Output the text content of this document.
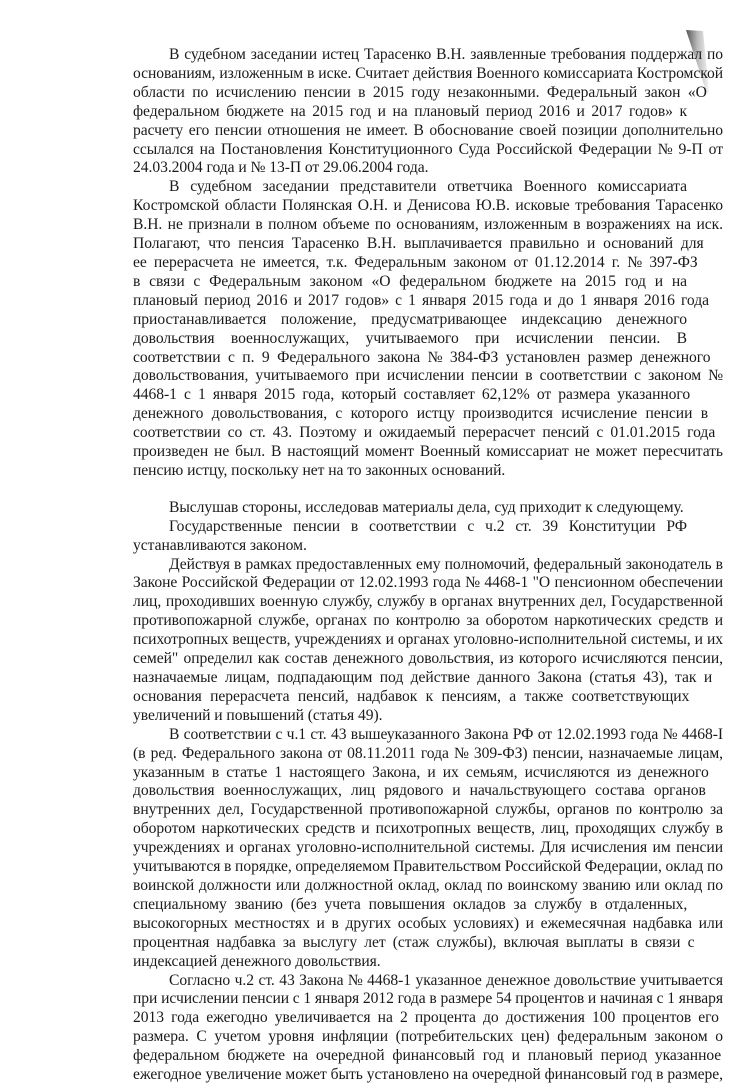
В судебном заседании истец Тарасенко В.Н. заявленные требования поддержал по
основаниям, изложенным в иске. Считает действия Военного комиссариата Костромской
области по исчислению пенсии в 2015 году незаконными. Федеральный закон «О
федеральном бюджете на 2015 год и на плановый период 2016 и 2017 годов» к
расчету его пенсии отношения не имеет. В обоснование своей позиции дополнительно
ссылался на Постановления Конституционного Суда Российской Федерации № 9-П от
24.03.2004 года и № 13-П от 29.06.2004 года.
В судебном заседании представители ответчика Военного комиссариата
Костромской области Полянская О.Н. и Денисова Ю.В. исковые требования Тарасенко
В.Н. не признали в полном объеме по основаниям, изложенным в возражениях на иск.
Полагают, что пенсия Тарасенко В.Н. выплачивается правильно и оснований для
ее перерасчета не имеется, т.к. Федеральным законом от 01.12.2014 г. № 397-ФЗ
в связи с Федеральным законом «О федеральном бюджете на 2015 год и на
плановый период 2016 и 2017 годов» с 1 января 2015 года и до 1 января 2016 года
приостанавливается положение, предусматривающее индексацию денежного
довольствия военнослужащих, учитываемого при исчислении пенсии. В
соответствии с п. 9 Федерального закона № 384-ФЗ установлен размер денежного
довольствования, учитываемого при исчислении пенсии в соответствии с законом №
4468-1 с 1 января 2015 года, который составляет 62,12% от размера указанного
денежного довольствования, с которого истцу производится исчисление пенсии в
соответствии со ст. 43. Поэтому и ожидаемый перерасчет пенсий с 01.01.2015 года
произведен не был. В настоящий момент Военный комиссариат не может пересчитать
пенсию истцу, поскольку нет на то законных оснований.
Выслушав стороны, исследовав материалы дела, суд приходит к следующему.
Государственные пенсии в соответствии с ч.2 ст. 39 Конституции РФ
устанавливаются законом.
Действуя в рамках предоставленных ему полномочий, федеральный законодатель в
Законе Российской Федерации от 12.02.1993 года № 4468-1 "О пенсионном обеспечении
лиц, проходивших военную службу, службу в органах внутренних дел, Государственной
противопожарной службе, органах по контролю за оборотом наркотических средств и
психотропных веществ, учреждениях и органах уголовно-исполнительной системы, и их
семей" определил как состав денежного довольствия, из которого исчисляются пенсии,
назначаемые лицам, подпадающим под действие данного Закона (статья 43), так и
основания перерасчета пенсий, надбавок к пенсиям, а также соответствующих
увеличений и повышений (статья 49).
В соответствии с ч.1 ст. 43 вышеуказанного Закона РФ от 12.02.1993 года № 4468-I
(в ред. Федерального закона от 08.11.2011 года № 309-ФЗ) пенсии, назначаемые лицам,
указанным в статье 1 настоящего Закона, и их семьям, исчисляются из денежного
довольствия военнослужащих, лиц рядового и начальствующего состава органов
внутренних дел, Государственной противопожарной службы, органов по контролю за
оборотом наркотических средств и психотропных веществ, лиц, проходящих службу в
учреждениях и органах уголовно-исполнительной системы. Для исчисления им пенсии
учитываются в порядке, определяемом Правительством Российской Федерации, оклад по
воинской должности или должностной оклад, оклад по воинскому званию или оклад по
специальному званию (без учета повышения окладов за службу в отдаленных,
высокогорных местностях и в других особых условиях) и ежемесячная надбавка или
процентная надбавка за выслугу лет (стаж службы), включая выплаты в связи с
индексацией денежного довольствия.
Согласно ч.2 ст. 43 Закона № 4468-1 указанное денежное довольствие учитывается
при исчислении пенсии с 1 января 2012 года в размере 54 процентов и начиная с 1 января
2013 года ежегодно увеличивается на 2 процента до достижения 100 процентов его
размера. С учетом уровня инфляции (потребительских цен) федеральным законом о
федеральном бюджете на очередной финансовый год и плановый период указанное
ежегодное увеличение может быть установлено на очередной финансовый год в размере,
